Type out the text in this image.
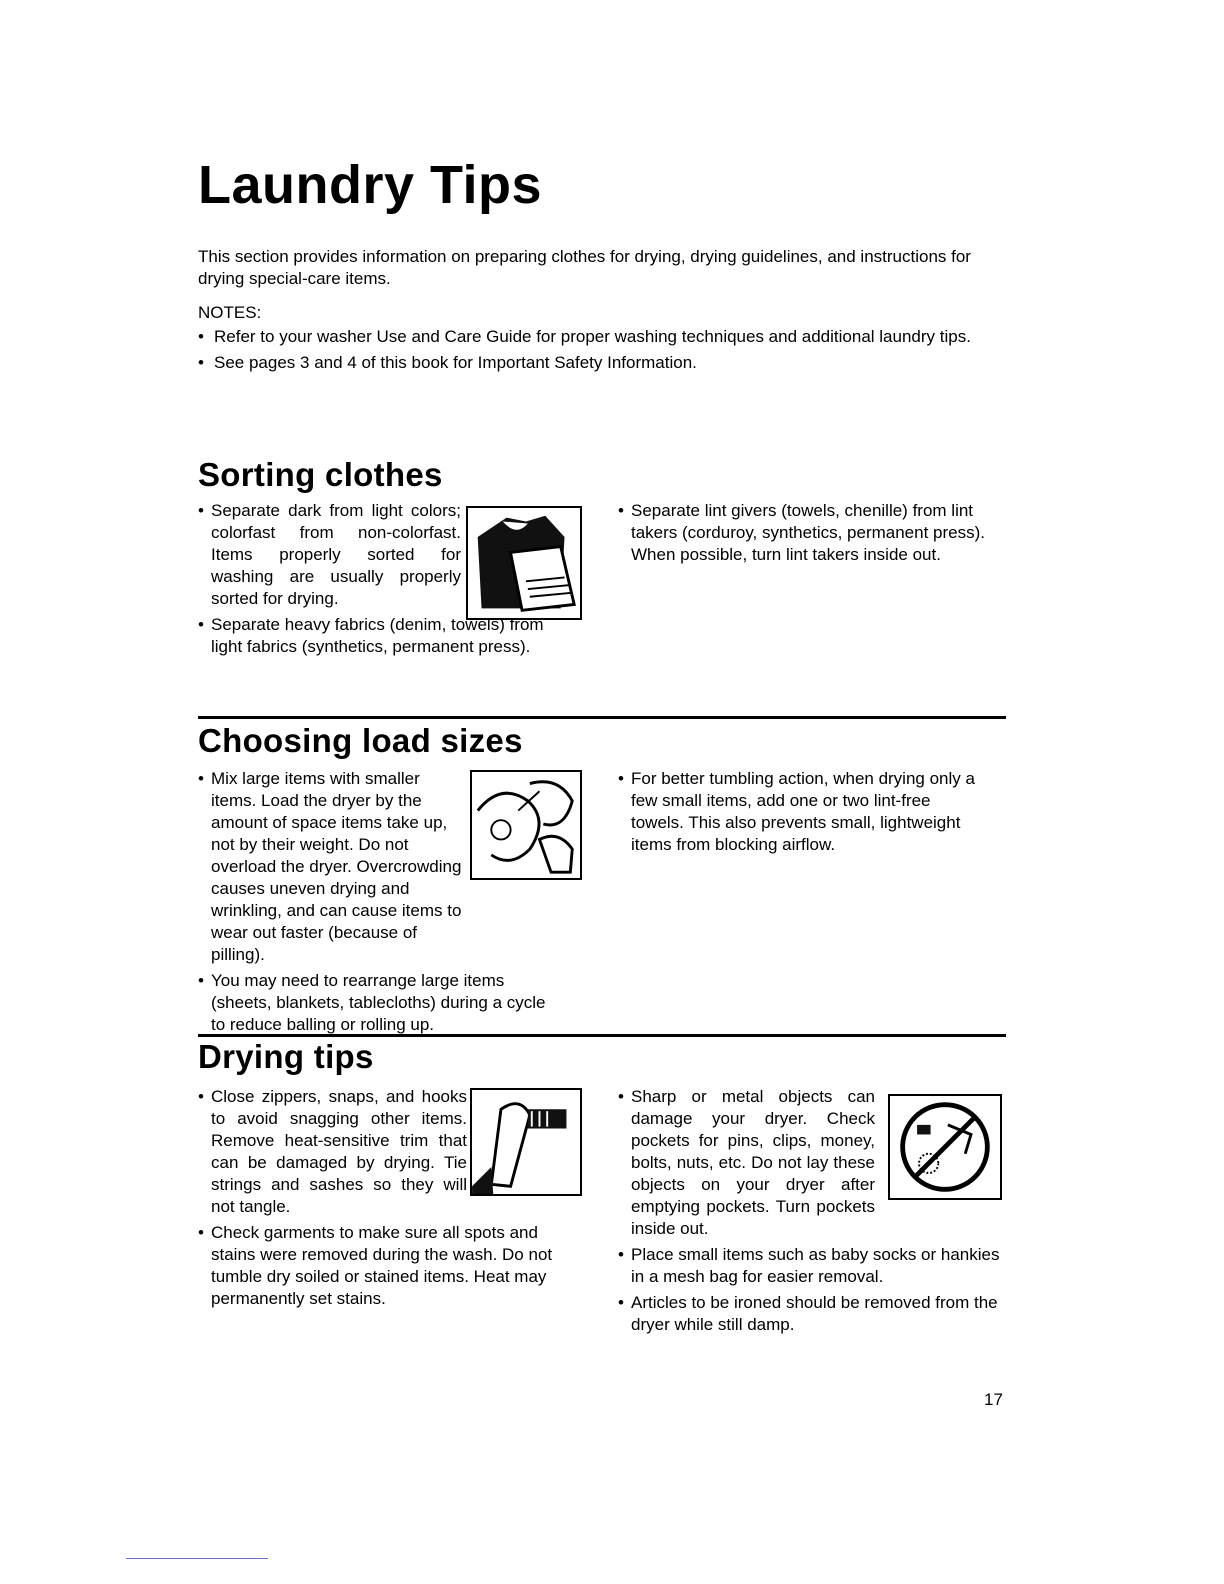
Laundry Tips

This section provides information on preparing clothes for drying, drying guidelines, and instructions for drying special-care items.

NOTES:

• Refer to your washer Use and Care Guide for proper washing techniques and additional laundry tips.
• See pages 3 and 4 of this book for Important Safety Information.
Sorting clothes
• Separate dark from light colors; colorfast from non-colorfast. Items properly sorted for washing are usually properly sorted for drying.
• Separate heavy fabrics (denim, towels) from light fabrics (synthetics, permanent press).
• Separate lint givers (towels, chenille) from lint takers (corduroy, synthetics, permanent press). When possible, turn lint takers inside out.
Choosing load sizes
• Mix large items with smaller items. Load the dryer by the amount of space items take up, not by their weight. Do not overload the dryer. Overcrowding causes uneven drying and wrinkling, and can cause items to wear out faster (because of pilling).
• You may need to rearrange large items (sheets, blankets, tablecloths) during a cycle to reduce balling or rolling up.
• For better tumbling action, when drying only a few small items, add one or two lint-free towels. This also prevents small, lightweight items from blocking airflow.
Drying tips
• Close zippers, snaps, and hooks to avoid snagging other items. Remove heat-sensitive trim that can be damaged by drying. Tie strings and sashes so they will not tangle.
• Check garments to make sure all spots and stains were removed during the wash. Do not tumble dry soiled or stained items. Heat may permanently set stains.
• Sharp or metal objects can damage your dryer. Check pockets for pins, clips, money, bolts, nuts, etc. Do not lay these objects on your dryer after emptying pockets. Turn pockets inside out.
• Place small items such as baby socks or hankies in a mesh bag for easier removal.
• Articles to be ironed should be removed from the dryer while still damp.

17
